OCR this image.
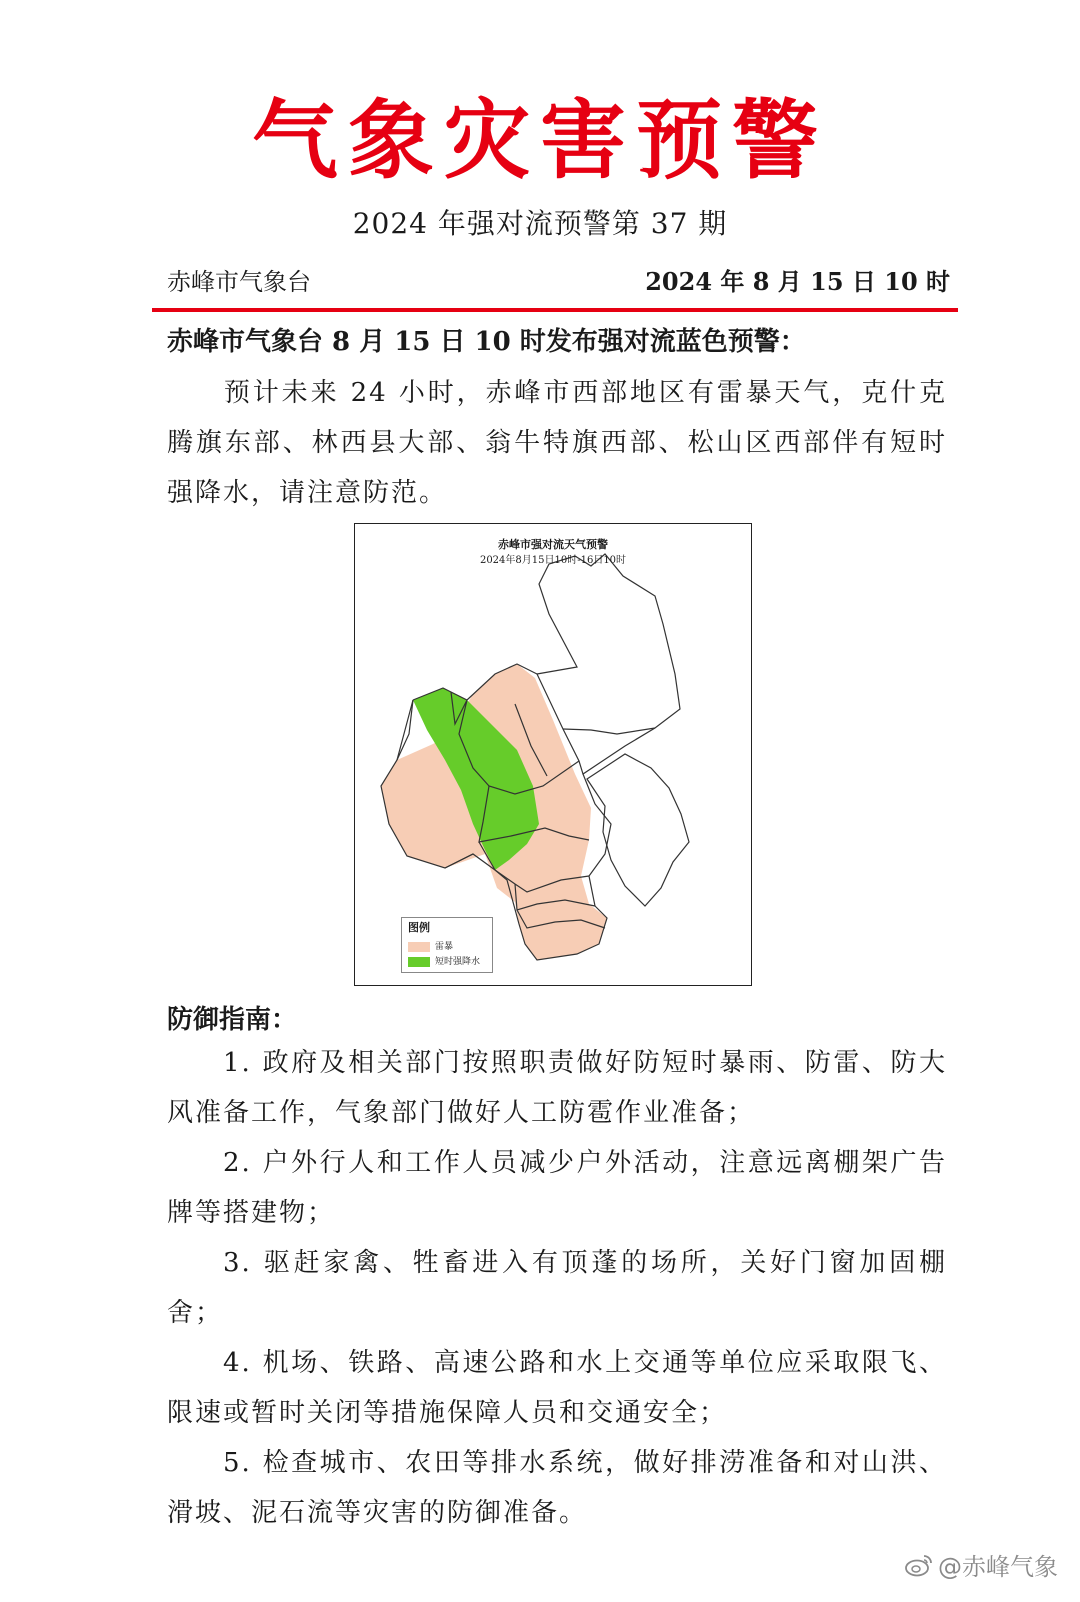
气象灾害预警
2024 年强对流预警第 37 期
赤峰市气象台	2024 年 8 月 15 日 10 时
赤峰市气象台 8 月 15 日 10 时发布强对流蓝色预警：

预计未来 24 小时，赤峰市西部地区有雷暴天气，克什克腾旗东部、林西县大部、翁牛特旗西部、松山区西部伴有短时强降水，请注意防范。

赤峰市强对流天气预警
2024年8月15日10时-16日10时
图例
雷暴
短时强降水
防御指南：

1. 政府及相关部门按照职责做好防短时暴雨、防雷、防大风准备工作，气象部门做好人工防雹作业准备；

2. 户外行人和工作人员减少户外活动，注意远离棚架广告牌等搭建物；

3. 驱赶家禽、牲畜进入有顶蓬的场所，关好门窗加固棚舍；

4. 机场、铁路、高速公路和水上交通等单位应采取限飞、限速或暂时关闭等措施保障人员和交通安全；

5. 检查城市、农田等排水系统，做好排涝准备和对山洪、滑坡、泥石流等灾害的防御准备。

@赤峰气象
